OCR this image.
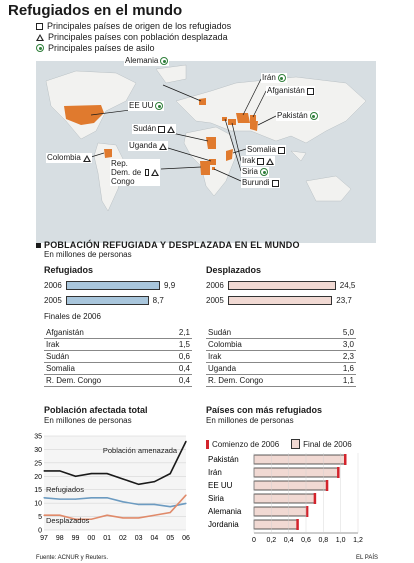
Refugiados en el mundo
Principales países de origen de los refugiados
Principales países con población desplazada
Principales países de asilo
Alemania
EE UU
Sudán
Uganda
Colombia
Rep. Dem. de Congo
Irán
Afganistán
Pakistán
Somalia
Irak
Siria
Burundi
POBLACIÓN REFUGIADA Y DESPLAZADA EN EL MUNDO
En millones de personas
Refugiados
2006	9,9
2005	8,7
Desplazados
2006	24,5
2005	23,7
Finales de 2006
Afganistán	2,1
Irak	1,5
Sudán	0,6
Somalia	0,4
R. Dem. Congo	0,4
Sudán	5,0
Colombia	3,0
Irak	2,3
Uganda	1,6
R. Dem. Congo	1,1
Población afectada total
En millones de personas
0
5
10
15
20
25
30
35
97 98 99 00 01 02 03 04 05 06
Población amenazada
Refugiados
Desplazados
Países con más refugiados
En millones de personas
Comienzo de 2006	Final de 2006
Pakistán
Irán
EE UU
Siria
Alemania
Jordania
0 0,2 0,4 0,6 0,8 1,0 1,2
Fuente: ACNUR y Reuters.	EL PAÍS
